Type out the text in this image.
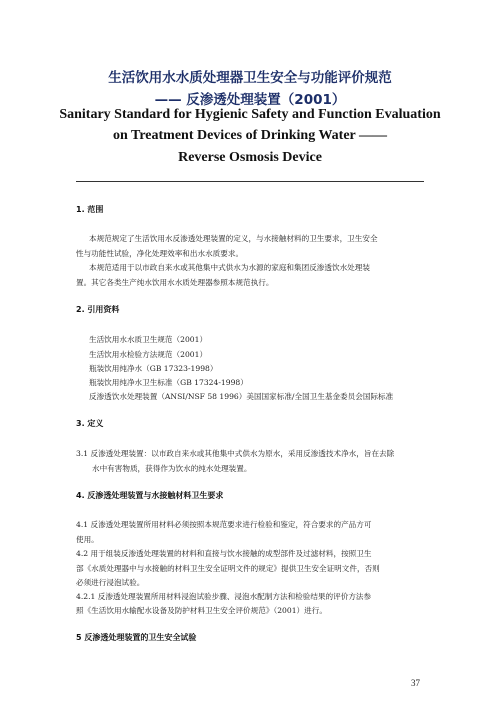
生活饮用水水质处理器卫生安全与功能评价规范
—— 反渗透处理装置（2001）
Sanitary Standard for Hygienic Safety and Function Evaluation
on Treatment Devices of Drinking Water ——
Reverse Osmosis Device
1. 范围
本规范规定了生活饮用水反渗透处理装置的定义，与水接触材料的卫生要求，卫生安全
性与功能性试验，净化处理效率和出水水质要求。
本规范适用于以市政自来水或其他集中式供水为水源的家庭和集团反渗透饮水处理装
置。其它各类生产纯水饮用水水质处理器参照本规范执行。
2. 引用资料
生活饮用水水质卫生规范（2001）
生活饮用水检验方法规范（2001）
瓶装饮用纯净水（GB 17323-1998）
瓶装饮用纯净水卫生标准（GB 17324-1998）
反渗透饮水处理装置（ANSI/NSF 58 1996）美国国家标准/全国卫生基金委员会国际标准
3. 定义
3.1 反渗透处理装置：以市政自来水或其他集中式供水为原水，采用反渗透技术净水，旨在去除
水中有害物质，获得作为饮水的纯水处理装置。
4. 反渗透处理装置与水接触材料卫生要求
4.1 反渗透处理装置所用材料必须按照本规范要求进行检验和鉴定，符合要求的产品方可
使用。
4.2 用于组装反渗透处理装置的材料和直接与饮水接触的成型部件及过滤材料，按照卫生
部《水质处理器中与水接触的材料卫生安全证明文件的规定》提供卫生安全证明文件，否则
必须进行浸泡试验。
4.2.1 反渗透处理装置所用材料浸泡试验步骤、浸泡水配制方法和检验结果的评价方法参
照《生活饮用水输配水设备及防护材料卫生安全评价规范》（2001）进行。
5 反渗透处理装置的卫生安全试验
37
